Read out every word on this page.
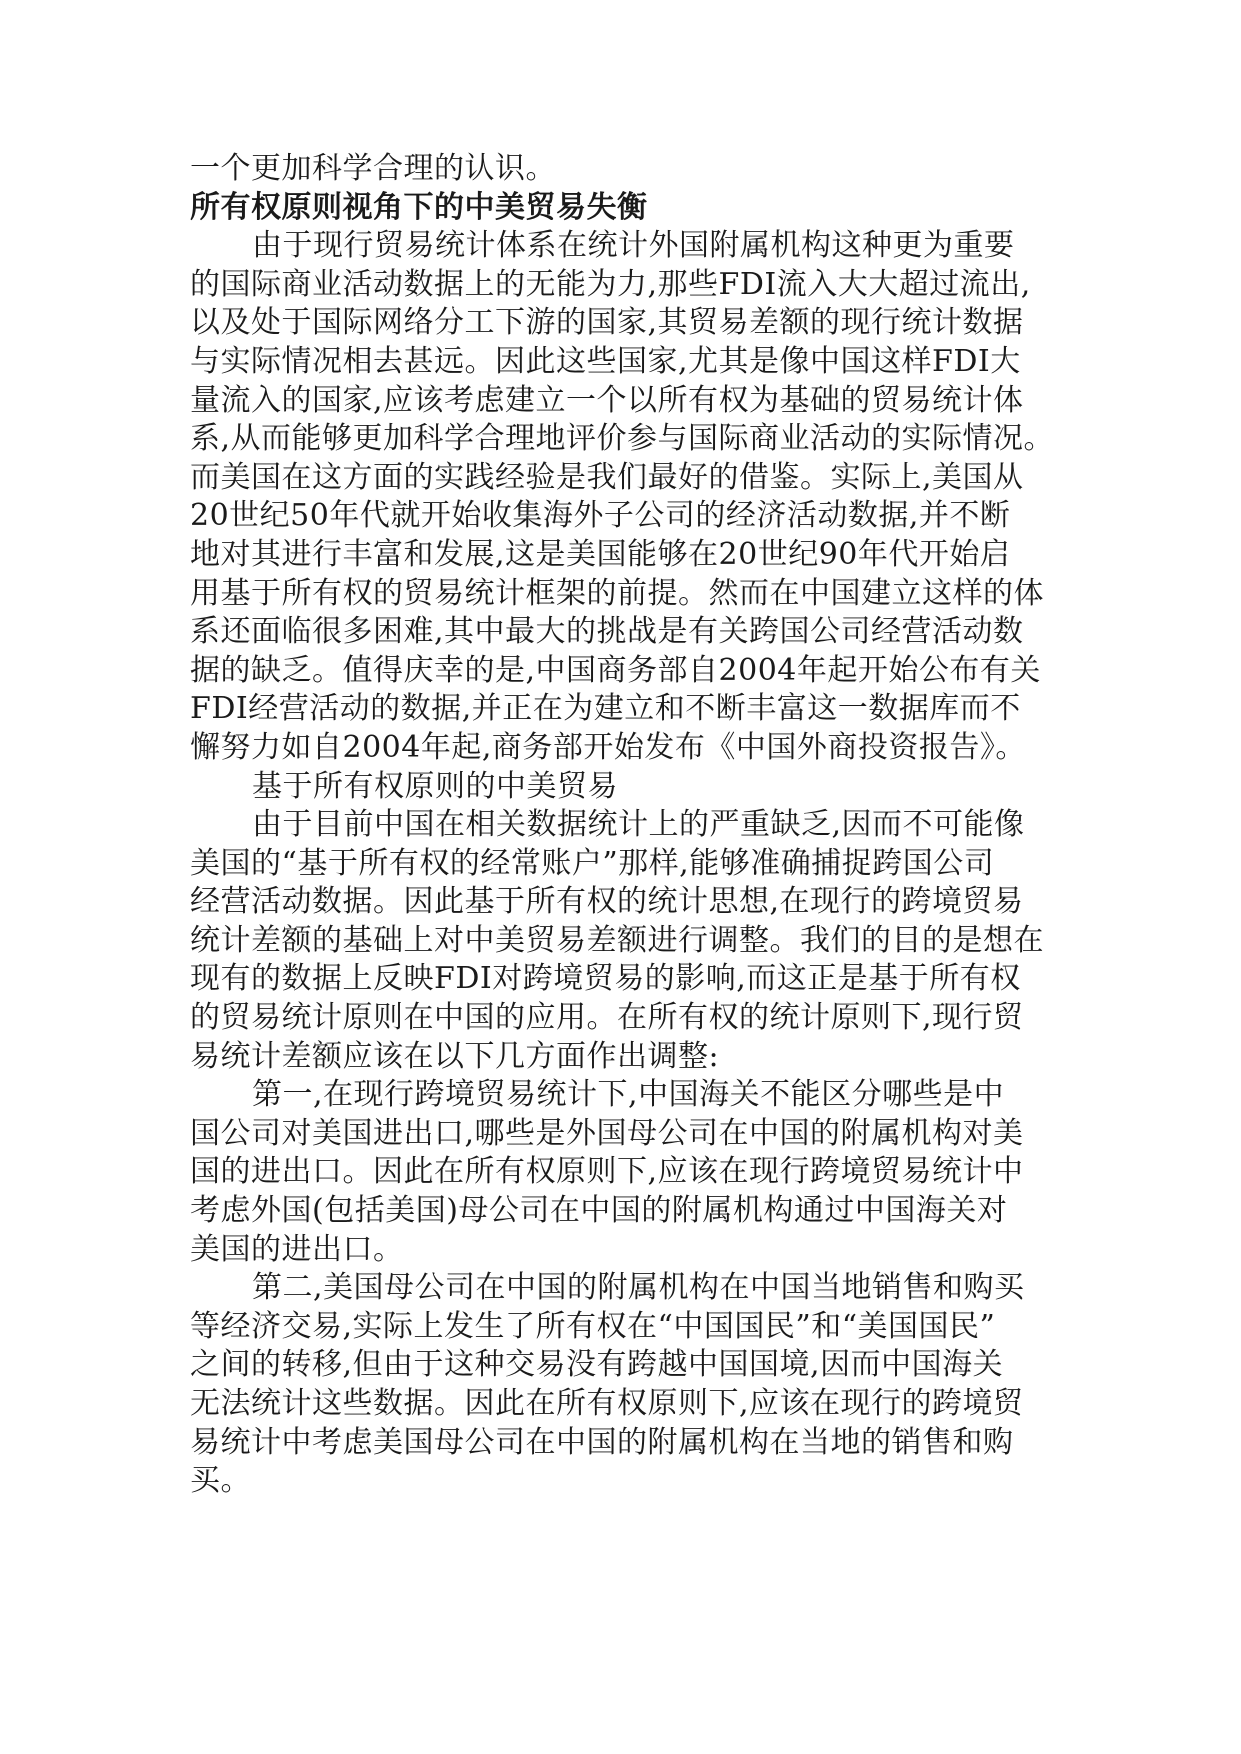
一个更加科学合理的认识。
所有权原则视角下的中美贸易失衡
由于现行贸易统计体系在统计外国附属机构这种更为重要
的国际商业活动数据上的无能为力,那些FDI流入大大超过流出,
以及处于国际网络分工下游的国家,其贸易差额的现行统计数据
与实际情况相去甚远。因此这些国家,尤其是像中国这样FDI大
量流入的国家,应该考虑建立一个以所有权为基础的贸易统计体
系,从而能够更加科学合理地评价参与国际商业活动的实际情况。
而美国在这方面的实践经验是我们最好的借鉴。实际上,美国从
20世纪50年代就开始收集海外子公司的经济活动数据,并不断
地对其进行丰富和发展,这是美国能够在20世纪90年代开始启
用基于所有权的贸易统计框架的前提。然而在中国建立这样的体
系还面临很多困难,其中最大的挑战是有关跨国公司经营活动数
据的缺乏。值得庆幸的是,中国商务部自2004年起开始公布有关
FDI经营活动的数据,并正在为建立和不断丰富这一数据库而不
懈努力如自2004年起,商务部开始发布《中国外商投资报告》。
基于所有权原则的中美贸易
由于目前中国在相关数据统计上的严重缺乏,因而不可能像
美国的“基于所有权的经常账户”那样,能够准确捕捉跨国公司
经营活动数据。因此基于所有权的统计思想,在现行的跨境贸易
统计差额的基础上对中美贸易差额进行调整。我们的目的是想在
现有的数据上反映FDI对跨境贸易的影响,而这正是基于所有权
的贸易统计原则在中国的应用。在所有权的统计原则下,现行贸
易统计差额应该在以下几方面作出调整:
第一,在现行跨境贸易统计下,中国海关不能区分哪些是中
国公司对美国进出口,哪些是外国母公司在中国的附属机构对美
国的进出口。因此在所有权原则下,应该在现行跨境贸易统计中
考虑外国(包括美国)母公司在中国的附属机构通过中国海关对
美国的进出口。
第二,美国母公司在中国的附属机构在中国当地销售和购买
等经济交易,实际上发生了所有权在“中国国民”和“美国国民”
之间的转移,但由于这种交易没有跨越中国国境,因而中国海关
无法统计这些数据。因此在所有权原则下,应该在现行的跨境贸
易统计中考虑美国母公司在中国的附属机构在当地的销售和购
买。
